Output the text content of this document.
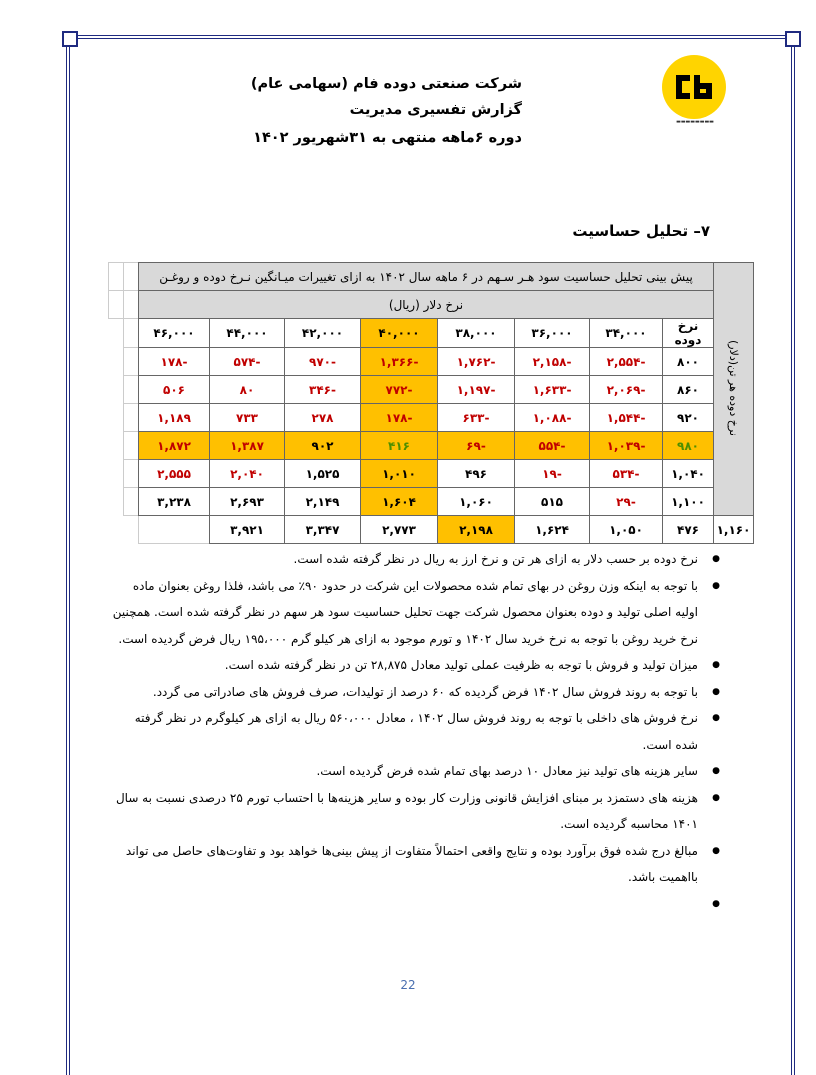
▬▬▬▬▬▬▬▬
شرکت صنعتی دوده فام (سهامی عام)
گزارش تفسیری مدیریت
دوره ۶ماهه منتهی به ۳۱شهریور ۱۴۰۲
۷– تحلیل حساسیت
نرخ دوده هر تن(دلار)	پیش بینی تحلیل حساسیت سود هـر سـهم در ۶ ماهه سال ۱۴۰۲ به ازای تغییرات میـانگین نـرخ دوده و روغـن									
	نرخ دلار (ریال)									
	نرخ دوده	۳۴,۰۰۰	۳۶,۰۰۰	۳۸,۰۰۰	۴۰,۰۰۰	۴۲,۰۰۰	۴۴,۰۰۰	۴۶,۰۰۰		
	۸۰۰	-۲,۵۵۴	-۲,۱۵۸	-۱,۷۶۲	-۱,۳۶۶	-۹۷۰	-۵۷۴	-۱۷۸		
	۸۶۰	-۲,۰۶۹	-۱,۶۳۳	-۱,۱۹۷	-۷۷۲	-۳۴۶	۸۰	۵۰۶		
	۹۲۰	-۱,۵۴۴	-۱,۰۸۸	-۶۳۳	-۱۷۸	۲۷۸	۷۳۳	۱,۱۸۹		
	۹۸۰	-۱,۰۳۹	-۵۵۴	-۶۹	۴۱۶	۹۰۲	۱,۳۸۷	۱,۸۷۲		
	۱,۰۴۰	-۵۳۴	-۱۹	۴۹۶	۱,۰۱۰	۱,۵۲۵	۲,۰۴۰	۲,۵۵۵		
	۱,۱۰۰	-۲۹	۵۱۵	۱,۰۶۰	۱,۶۰۴	۲,۱۴۹	۲,۶۹۳	۳,۲۳۸		
۱,۱۶۰	۴۷۶	۱,۰۵۰	۱,۶۲۴	۲,۱۹۸	۲,۷۷۳	۳,۳۴۷	۳,۹۲۱			
● نرخ دوده بر حسب دلار به ازای هر تن و نرخ ارز به ریال در نظر گرفته شده است.
● با توجه به اینکه وزن روغن در بهای تمام شده محصولات این شرکت در حدود ۹۰٪ می باشد، فلذا روغن بعنوان ماده اولیه اصلی تولید و دوده بعنوان محصول شرکت جهت تحلیل حساسیت سود هر سهم در نظر گرفته شده است. همچنین نرخ خرید روغن با توجه به نرخ خرید سال ۱۴۰۲ و تورم موجود به ازای هر کیلو گرم ۱۹۵،۰۰۰ ریال فرض گردیده است.
● میزان تولید و فروش با توجه به ظرفیت عملی تولید معادل ۲۸,۸۷۵ تن در نظر گرفته شده است.
● با توجه به روند فروش سال ۱۴۰۲ فرض گردیده که ۶۰ درصد از تولیدات، صرف فروش های صادراتی می گردد.
● نرخ فروش های داخلی با توجه به روند فروش سال ۱۴۰۲ ، معادل ۵۶۰،۰۰۰ ریال به ازای هر کیلوگرم در نظر گرفته شده است.
● سایر هزینه های تولید نیز معادل ۱۰ درصد بهای تمام شده فرض گردیده است.
● هزینه های دستمزد بر مبنای افزایش قانونی وزارت کار بوده و سایر هزینه‌ها با احتساب تورم ۲۵ درصدی نسبت به سال ۱۴۰۱ محاسبه گردیده است.
● مبالغ درج شده فوق برآورد بوده و نتایج واقعی احتمالاً متفاوت از پیش بینی‌ها خواهد بود و تفاوت‌های حاصل می تواند بااهمیت باشد.
22
